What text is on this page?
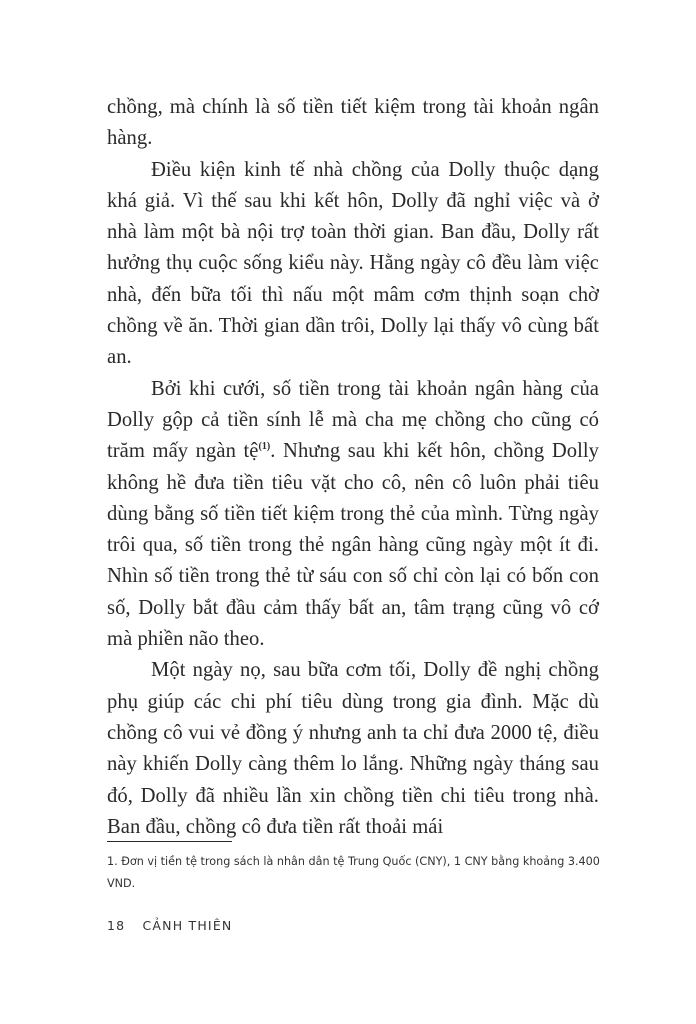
chồng, mà chính là số tiền tiết kiệm trong tài khoản ngân hàng.

Điều kiện kinh tế nhà chồng của Dolly thuộc dạng khá giả. Vì thế sau khi kết hôn, Dolly đã nghỉ việc và ở nhà làm một bà nội trợ toàn thời gian. Ban đầu, Dolly rất hưởng thụ cuộc sống kiểu này. Hằng ngày cô đều làm việc nhà, đến bữa tối thì nấu một mâm cơm thịnh soạn chờ chồng về ăn. Thời gian dần trôi, Dolly lại thấy vô cùng bất an.

Bởi khi cưới, số tiền trong tài khoản ngân hàng của Dolly gộp cả tiền sính lễ mà cha mẹ chồng cho cũng có trăm mấy ngàn tệ$^{(1)}$. Nhưng sau khi kết hôn, chồng Dolly không hề đưa tiền tiêu vặt cho cô, nên cô luôn phải tiêu dùng bằng số tiền tiết kiệm trong thẻ của mình. Từng ngày trôi qua, số tiền trong thẻ ngân hàng cũng ngày một ít đi. Nhìn số tiền trong thẻ từ sáu con số chỉ còn lại có bốn con số, Dolly bắt đầu cảm thấy bất an, tâm trạng cũng vô cớ mà phiền não theo.

Một ngày nọ, sau bữa cơm tối, Dolly đề nghị chồng phụ giúp các chi phí tiêu dùng trong gia đình. Mặc dù chồng cô vui vẻ đồng ý nhưng anh ta chỉ đưa 2000 tệ, điều này khiến Dolly càng thêm lo lắng. Những ngày tháng sau đó, Dolly đã nhiều lần xin chồng tiền chi tiêu trong nhà. Ban đầu, chồng cô đưa tiền rất thoải mái

1. Đơn vị tiền tệ trong sách là nhân dân tệ Trung Quốc (CNY), 1 CNY bằng khoảng 3.400 VND.
18 CẢNH THIÊN
